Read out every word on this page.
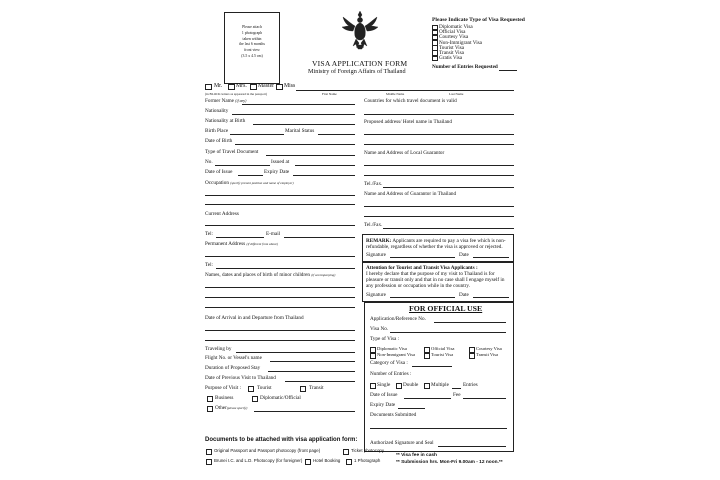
Please attach
1 photograph
taken within
the last 6 months
front view
(3.5 x 4.5 cm)
VISA APPLICATION FORM
Ministry of Foreign Affairs of Thailand
Please Indicate Type of Visa Requested
Diplomatic Visa
Official Visa
Courtesy Visa
Non-Immigrant Visa
Tourist Visa
Transit Visa
Gratis Visa
Number of Entries Requested
Mr. Mrs. Master Miss
(in BLOCK letters as appeared in the passport)	First Name	Middle Name	Last Name
Former Name (if any)
Nationality
Nationality at Birth
Birth Place	Marital Status
Date of Birth
Type of Travel Document
No.	Issued at
Date of Issue	Expiry Date
Occupation (specify present position and name of employer)
Current Address
Tel:	E-mail
Permanent Address (if different from above)
Tel:
Names, dates and places of birth of minor children (if accompanying)
Date of Arrival in and Departure from Thailand
Traveling by
Flight No. or Vessel's name
Duration of Proposed Stay
Date of Previous Visit to Thailand
Purpose of Visit :	Tourist	Transit
Business	Diplomatic/Official
Other(please specify)
Countries for which travel document is valid
Proposed address/ Hotel name in Thailand
Name and Address of Local Guarantor
Tel./Fax.
Name and Address of Guarantor in Thailand
Tel./Fax.
REMARK: Applicants are required to pay a visa fee which is non-
refundable, regardless of whether the visa is approved or rejected.
Signature	Date
Attention for Tourist and Transit Visa Applicants :
I hereby declare that the purpose of my visit to Thailand is for
pleasure or transit only and that in no case shall I engage myself in
any profession or occupation while in the country.
Signature	Date
FOR OFFICIAL USE
Application/Reference No.
Visa No.
Type of Visa :
Diplomatic Visa	Official Visa	Courtesy Visa
Non-Immigrant Visa	Tourist Visa	Transit Visa
Category of Visa :
Number of Entries :
Single Double Multiple	Entries
Date of Issue	Fee
Expiry Date
Documents Submitted
Authorized Signature and Seal
Documents to be attached with visa application form:
Original Passport and Passport photocopy (front page)	Ticket photocopy
Brunei I.C. and L.D. Photocopy (for foreigner) Hotel Booking	1 Photograph
** Visa fee in cash
** Submission hrs. Mon-Fri 9.00am - 12 noon.**
